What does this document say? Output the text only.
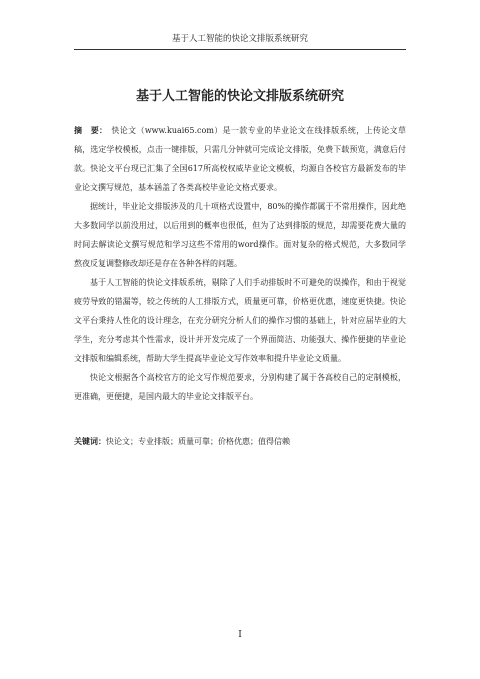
基于人工智能的快论文排版系统研究
基于人工智能的快论文排版系统研究

摘　要： 快论文（www.kuai65.com）是一款专业的毕业论文在线排版系统，上传论文草稿，选定学校模板，点击一键排版，只需几分钟就可完成论文排版，免费下载预览，满意后付款。快论文平台现已汇集了全国617所高校权威毕业论文模板，均源自各校官方最新发布的毕业论文撰写规范，基本涵盖了各类高校毕业论文格式要求。

据统计，毕业论文排版涉及的几十项格式设置中，80%的操作都属于不常用操作，因此绝大多数同学以前没用过，以后用到的概率也很低，但为了达到排版的规范，却需要花费大量的时间去解读论文撰写规范和学习这些不常用的word操作。面对复杂的格式规范，大多数同学熬夜反复调整修改却还是存在各种各样的问题。

基于人工智能的快论文排版系统，剔除了人们手动排版时不可避免的误操作，和由于视觉疲劳导致的错漏等，较之传统的人工排版方式，质量更可靠，价格更优惠，速度更快捷。快论文平台秉持人性化的设计理念，在充分研究分析人们的操作习惯的基础上，针对应届毕业的大学生，充分考虑其个性需求，设计并开发完成了一个界面简洁、功能强大、操作便捷的毕业论文排版和编辑系统，帮助大学生提高毕业论文写作效率和提升毕业论文质量。

快论文根据各个高校官方的论文写作规范要求，分别构建了属于各高校自己的定制模板，更准确，更便捷，是国内最大的毕业论文排版平台。

关键词：快论文；专业排版；质量可靠；价格优惠；值得信赖
I
